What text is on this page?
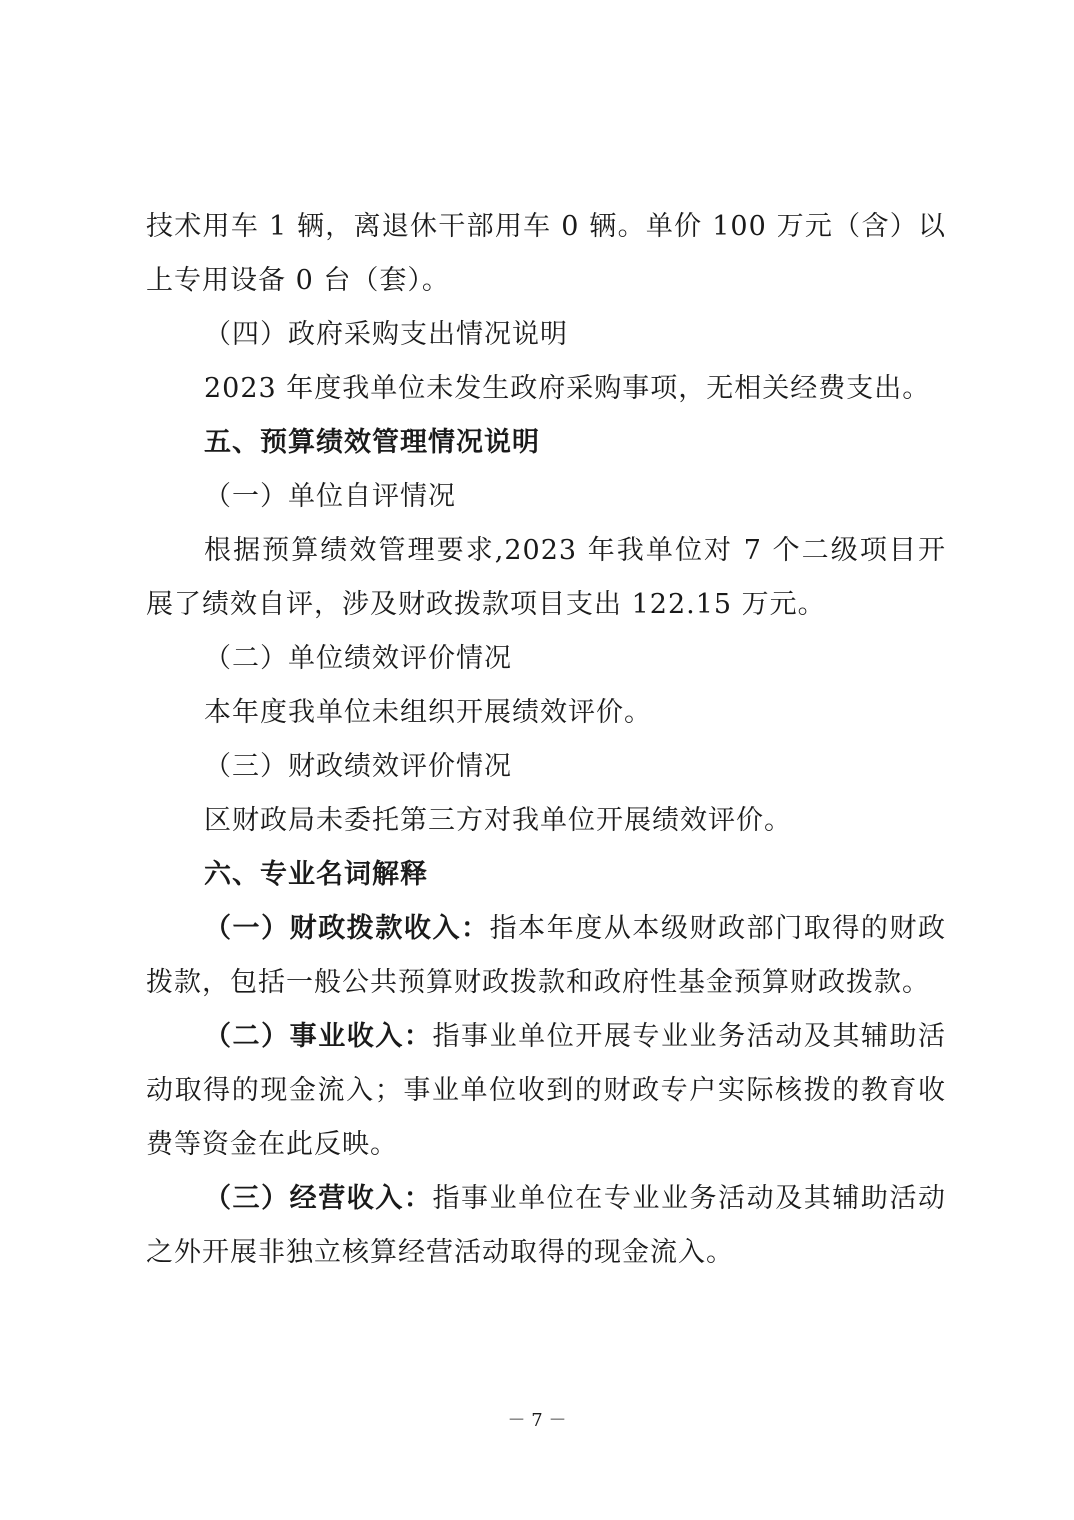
技术用车 1 辆，离退休干部用车 0 辆。单价 100 万元（含）以上专用设备 0 台（套）。

（四）政府采购支出情况说明

2023 年度我单位未发生政府采购事项，无相关经费支出。

五、预算绩效管理情况说明

（一）单位自评情况

根据预算绩效管理要求,2023 年我单位对 7 个二级项目开展了绩效自评，涉及财政拨款项目支出 122.15 万元。

（二）单位绩效评价情况

本年度我单位未组织开展绩效评价。

（三）财政绩效评价情况

区财政局未委托第三方对我单位开展绩效评价。

六、专业名词解释

（一）财政拨款收入：指本年度从本级财政部门取得的财政拨款，包括一般公共预算财政拨款和政府性基金预算财政拨款。

（二）事业收入：指事业单位开展专业业务活动及其辅助活动取得的现金流入；事业单位收到的财政专户实际核拨的教育收费等资金在此反映。

（三）经营收入：指事业单位在专业业务活动及其辅助活动之外开展非独立核算经营活动取得的现金流入。

－ 7 －
